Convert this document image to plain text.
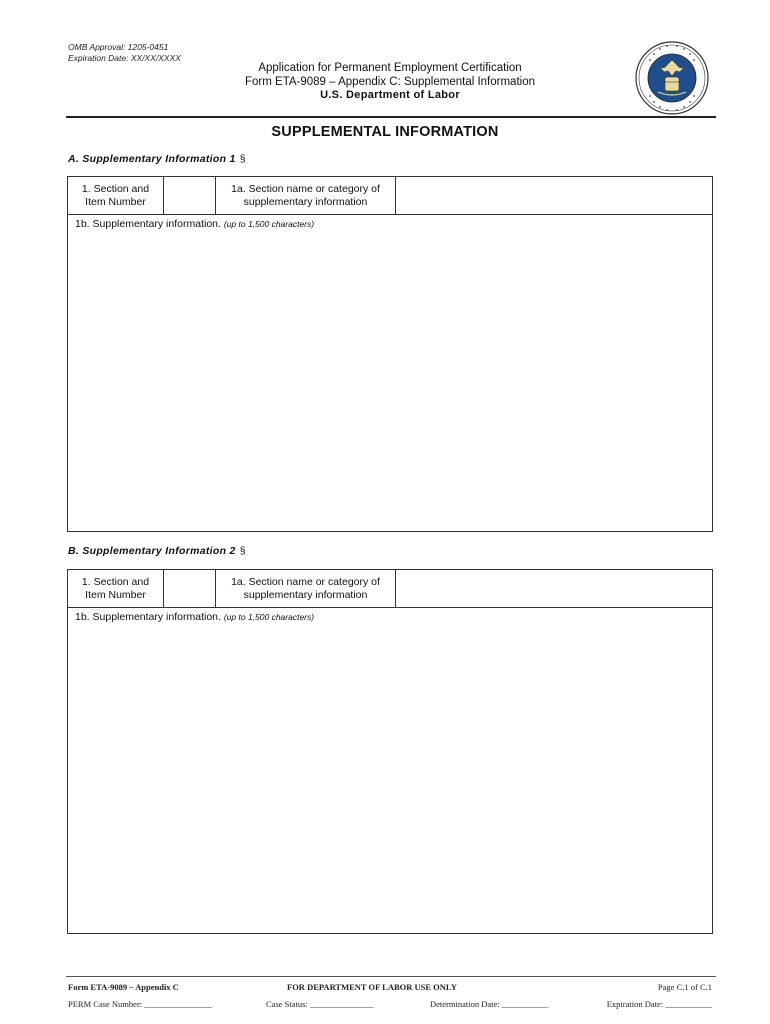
OMB Approval: 1205-0451
Expiration Date: XX/XX/XXXX
Application for Permanent Employment Certification
Form ETA-9089 – Appendix C: Supplemental Information
U.S. Department of Labor
SUPPLEMENTAL INFORMATION
A. Supplementary Information 1 §
1. Section and
Item Number
1a. Section name or category of
supplementary information
1b. Supplementary information. (up to 1,500 characters)
B. Supplementary Information 2 §
1. Section and
Item Number
1a. Section name or category of
supplementary information
1b. Supplementary information. (up to 1,500 characters)
Form ETA-9089 – Appendix C	FOR DEPARTMENT OF LABOR USE ONLY	Page C.1 of C.1
PERM Case Number: ________________	Case Status: _______________	Determination Date: ___________	Expiration Date: ___________
